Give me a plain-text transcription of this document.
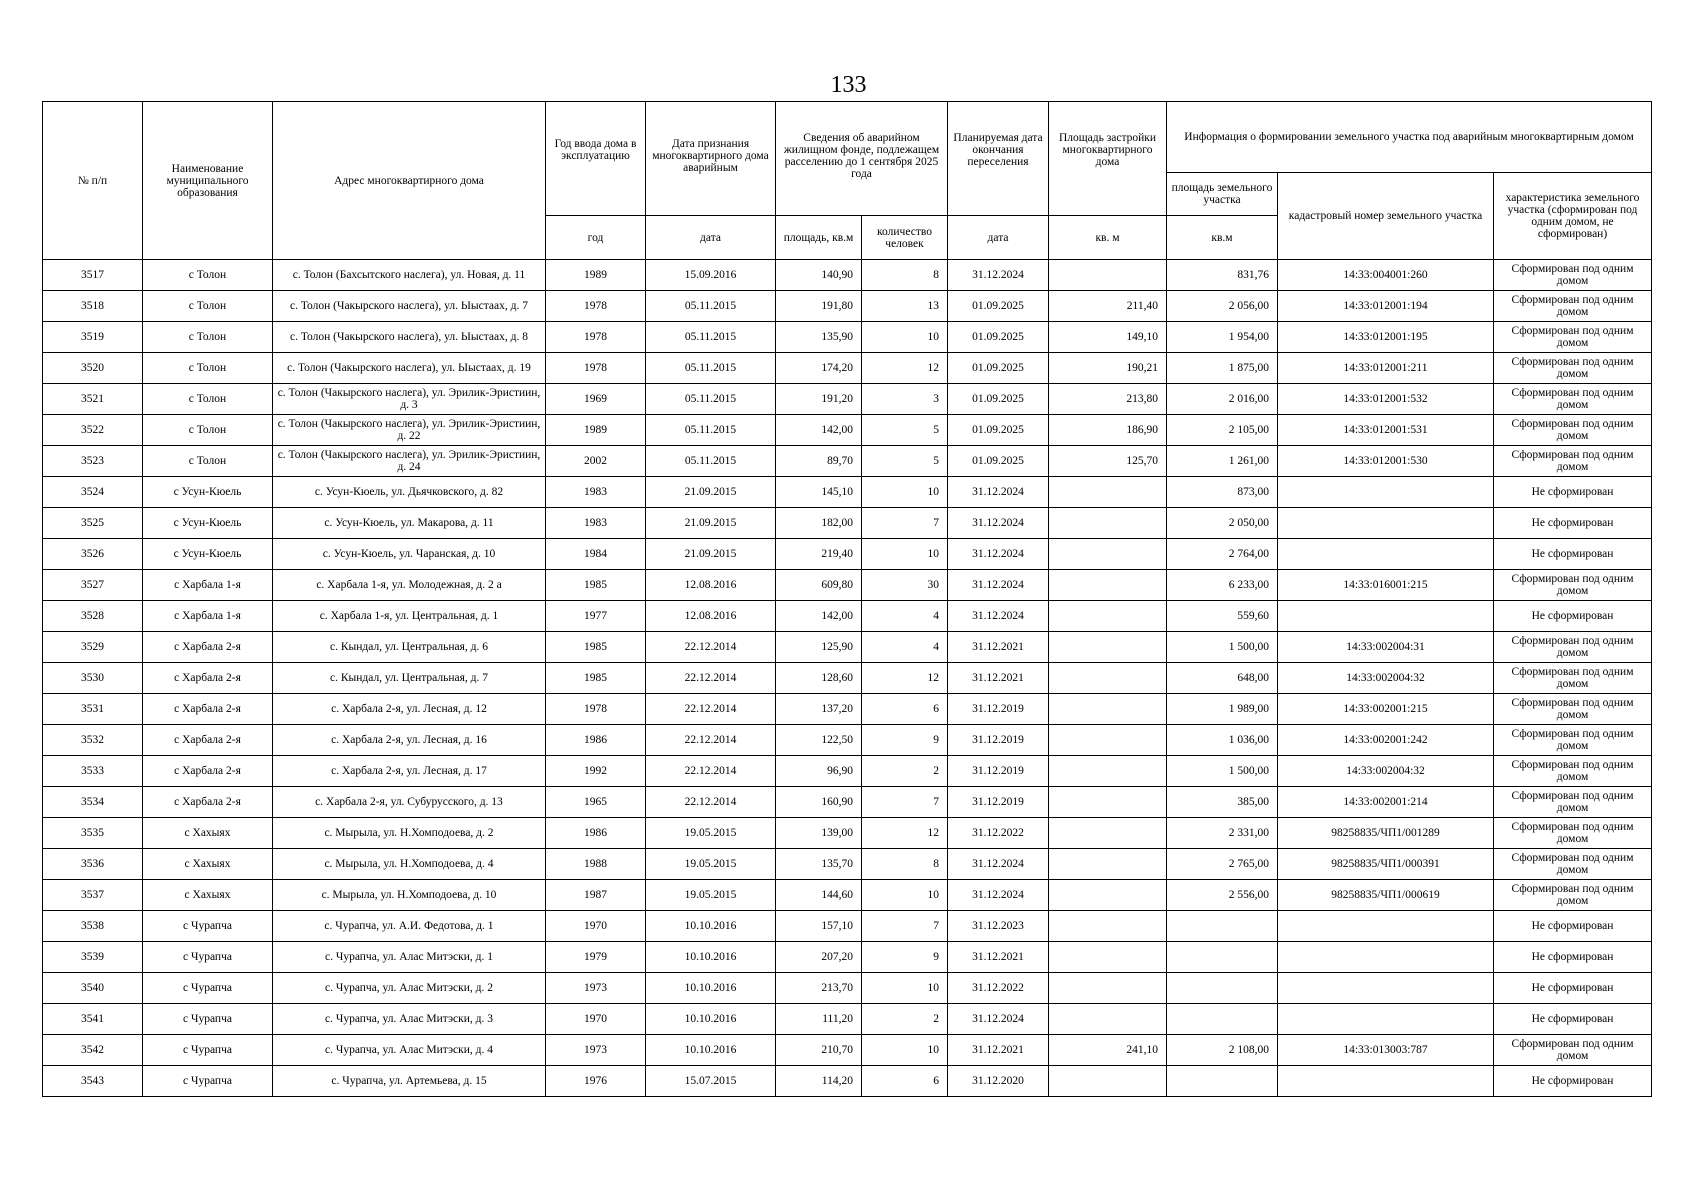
133
№ п/п	Наименование муниципального образования	Адрес многоквартирного дома	Год ввода дома в эксплуатацию	Дата признания многоквартирного дома аварийным	Сведения об аварийном жилищном фонде, подлежащем расселению до 1 сентября 2025 года		Планируемая дата окончания переселения	Площадь застройки многоквартирного дома	Информация о формировании земельного участка под аварийным многоквартирным домом		
									площадь земельного участка	кадастровый номер земельного участка	характеристика земельного участка (сформирован под одним домом, не сформирован)
			год	дата	площадь, кв.м	количество человек	дата	кв. м	кв.м		
3517	с Толон	с. Толон (Бахсытского наслега), ул. Новая, д. 11	1989	15.09.2016	140,90	8	31.12.2024		831,76	14:33:004001:260	Сформирован под одним домом
3518	с Толон	с. Толон (Чакырского наслега), ул. Ыыстаах, д. 7	1978	05.11.2015	191,80	13	01.09.2025	211,40	2 056,00	14:33:012001:194	Сформирован под одним домом
3519	с Толон	с. Толон (Чакырского наслега), ул. Ыыстаах, д. 8	1978	05.11.2015	135,90	10	01.09.2025	149,10	1 954,00	14:33:012001:195	Сформирован под одним домом
3520	с Толон	с. Толон (Чакырского наслега), ул. Ыыстаах, д. 19	1978	05.11.2015	174,20	12	01.09.2025	190,21	1 875,00	14:33:012001:211	Сформирован под одним домом
3521	с Толон	с. Толон (Чакырского наслега), ул. Эрилик-Эристиин, д. 3	1969	05.11.2015	191,20	3	01.09.2025	213,80	2 016,00	14:33:012001:532	Сформирован под одним домом
3522	с Толон	с. Толон (Чакырского наслега), ул. Эрилик-Эристиин, д. 22	1989	05.11.2015	142,00	5	01.09.2025	186,90	2 105,00	14:33:012001:531	Сформирован под одним домом
3523	с Толон	с. Толон (Чакырского наслега), ул. Эрилик-Эристиин, д. 24	2002	05.11.2015	89,70	5	01.09.2025	125,70	1 261,00	14:33:012001:530	Сформирован под одним домом
3524	с Усун-Кюель	с. Усун-Кюель, ул. Дьячковского, д. 82	1983	21.09.2015	145,10	10	31.12.2024		873,00		Не сформирован
3525	с Усун-Кюель	с. Усун-Кюель, ул. Макарова, д. 11	1983	21.09.2015	182,00	7	31.12.2024		2 050,00		Не сформирован
3526	с Усун-Кюель	с. Усун-Кюель, ул. Чаранская, д. 10	1984	21.09.2015	219,40	10	31.12.2024		2 764,00		Не сформирован
3527	с Харбала 1-я	с. Харбала 1-я, ул. Молодежная, д. 2 а	1985	12.08.2016	609,80	30	31.12.2024		6 233,00	14:33:016001:215	Сформирован под одним домом
3528	с Харбала 1-я	с. Харбала 1-я, ул. Центральная, д. 1	1977	12.08.2016	142,00	4	31.12.2024		559,60		Не сформирован
3529	с Харбала 2-я	с. Кындал, ул. Центральная, д. 6	1985	22.12.2014	125,90	4	31.12.2021		1 500,00	14:33:002004:31	Сформирован под одним домом
3530	с Харбала 2-я	с. Кындал, ул. Центральная, д. 7	1985	22.12.2014	128,60	12	31.12.2021		648,00	14:33:002004:32	Сформирован под одним домом
3531	с Харбала 2-я	с. Харбала 2-я, ул. Лесная, д. 12	1978	22.12.2014	137,20	6	31.12.2019		1 989,00	14:33:002001:215	Сформирован под одним домом
3532	с Харбала 2-я	с. Харбала 2-я, ул. Лесная, д. 16	1986	22.12.2014	122,50	9	31.12.2019		1 036,00	14:33:002001:242	Сформирован под одним домом
3533	с Харбала 2-я	с. Харбала 2-я, ул. Лесная, д. 17	1992	22.12.2014	96,90	2	31.12.2019		1 500,00	14:33:002004:32	Сформирован под одним домом
3534	с Харбала 2-я	с. Харбала 2-я, ул. Субурусского, д. 13	1965	22.12.2014	160,90	7	31.12.2019		385,00	14:33:002001:214	Сформирован под одним домом
3535	с Хахыях	с. Мырыла, ул. Н.Хомподоева, д. 2	1986	19.05.2015	139,00	12	31.12.2022		2 331,00	98258835/ЧП1/001289	Сформирован под одним домом
3536	с Хахыях	с. Мырыла, ул. Н.Хомподоева, д. 4	1988	19.05.2015	135,70	8	31.12.2024		2 765,00	98258835/ЧП1/000391	Сформирован под одним домом
3537	с Хахыях	с. Мырыла, ул. Н.Хомподоева, д. 10	1987	19.05.2015	144,60	10	31.12.2024		2 556,00	98258835/ЧП1/000619	Сформирован под одним домом
3538	с Чурапча	с. Чурапча, ул. А.И. Федотова, д. 1	1970	10.10.2016	157,10	7	31.12.2023				Не сформирован
3539	с Чурапча	с. Чурапча, ул. Алас Митэски, д. 1	1979	10.10.2016	207,20	9	31.12.2021				Не сформирован
3540	с Чурапча	с. Чурапча, ул. Алас Митэски, д. 2	1973	10.10.2016	213,70	10	31.12.2022				Не сформирован
3541	с Чурапча	с. Чурапча, ул. Алас Митэски, д. 3	1970	10.10.2016	111,20	2	31.12.2024				Не сформирован
3542	с Чурапча	с. Чурапча, ул. Алас Митэски, д. 4	1973	10.10.2016	210,70	10	31.12.2021	241,10	2 108,00	14:33:013003:787	Сформирован под одним домом
3543	с Чурапча	с. Чурапча, ул. Артемьева, д. 15	1976	15.07.2015	114,20	6	31.12.2020				Не сформирован
